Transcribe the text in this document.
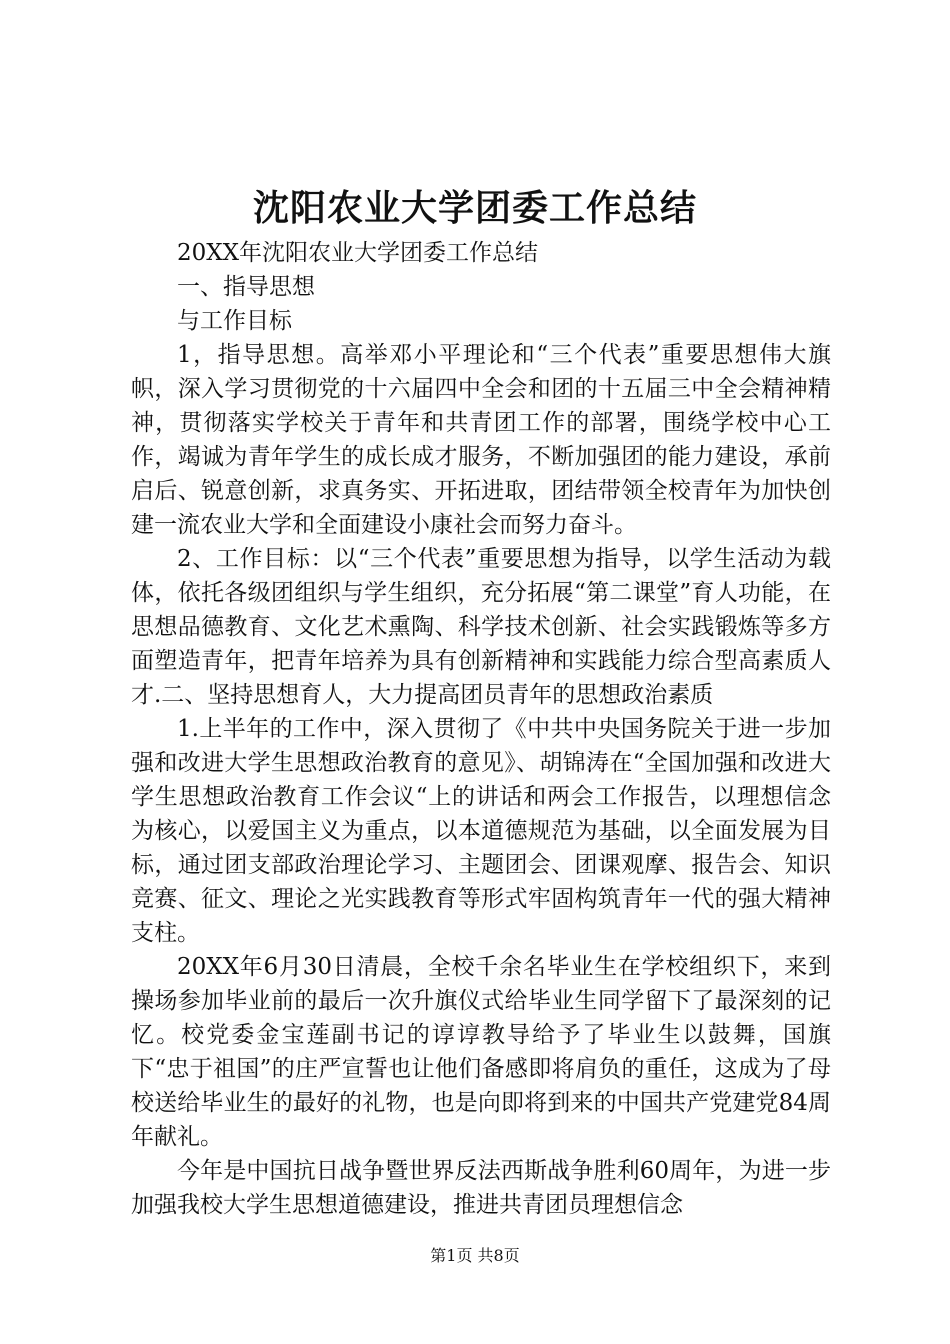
沈阳农业大学团委工作总结

20XX年沈阳农业大学团委工作总结

一、指导思想

与工作目标

1，指导思想。高举邓小平理论和“三个代表”重要思想伟大旗帜，深入学习贯彻党的十六届四中全会和团的十五届三中全会精神精神，贯彻落实学校关于青年和共青团工作的部署，围绕学校中心工作，竭诚为青年学生的成长成才服务，不断加强团的能力建设，承前启后、锐意创新，求真务实、开拓进取，团结带领全校青年为加快创建一流农业大学和全面建设小康社会而努力奋斗。

2、工作目标：以“三个代表”重要思想为指导，以学生活动为载体，依托各级团组织与学生组织，充分拓展“第二课堂”育人功能，在思想品德教育、文化艺术熏陶、科学技术创新、社会实践锻炼等多方面塑造青年，把青年培养为具有创新精神和实践能力综合型高素质人才.二、坚持思想育人，大力提高团员青年的思想政治素质

1.上半年的工作中，深入贯彻了《中共中央国务院关于进一步加强和改进大学生思想政治教育的意见》、胡锦涛在“全国加强和改进大学生思想政治教育工作会议“上的讲话和两会工作报告，以理想信念为核心，以爱国主义为重点，以本道德规范为基础，以全面发展为目标，通过团支部政治理论学习、主题团会、团课观摩、报告会、知识竞赛、征文、理论之光实践教育等形式牢固构筑青年一代的强大精神支柱。

20XX年6月30日清晨，全校千余名毕业生在学校组织下，来到操场参加毕业前的最后一次升旗仪式给毕业生同学留下了最深刻的记忆。校党委金宝莲副书记的谆谆教导给予了毕业生以鼓舞，国旗下“忠于祖国”的庄严宣誓也让他们备感即将肩负的重任，这成为了母校送给毕业生的最好的礼物，也是向即将到来的中国共产党建党84周年献礼。

今年是中国抗日战争暨世界反法西斯战争胜利60周年，为进一步加强我校大学生思想道德建设，推进共青团员理想信念

第1页 共8页
